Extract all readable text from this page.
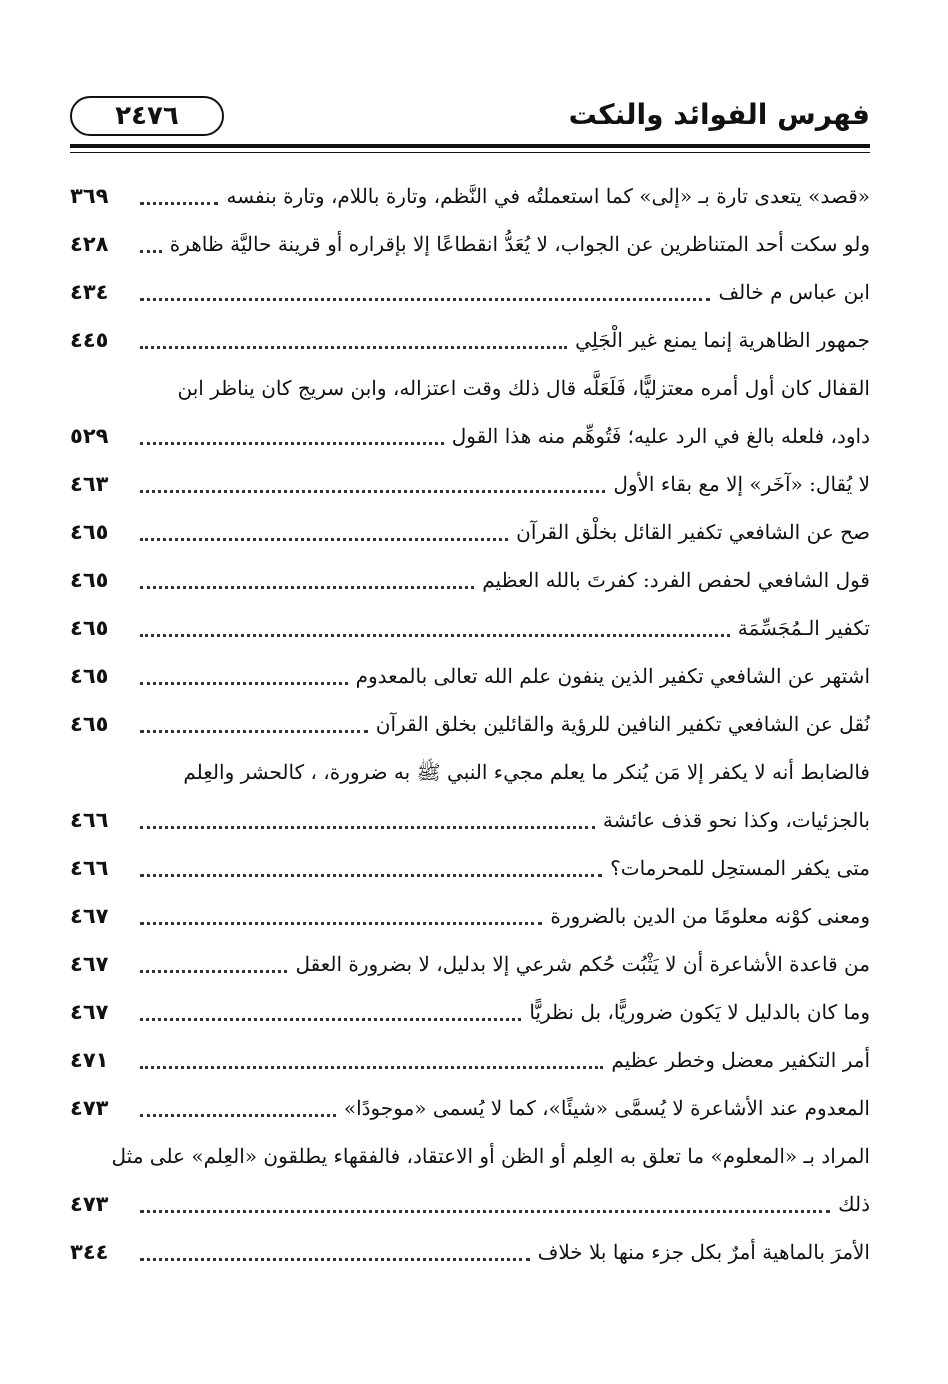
٢٤٧٦	فهرس الفوائد والنكت
«قصد» يتعدى تارة بـ «إلى» كما استعملتُه في النَّظم، وتارة باللام، وتارة بنفسه
٣٦٩
ولو سكت أحد المتناظرين عن الجواب، لا يُعَدُّ انقطاعًا إلا بإقراره أو قرينة حاليَّة ظاهرة
٤٢٨
ابن عباس م خالف
٤٣٤
جمهور الظاهرية إنما يمنع غير الْجَلِي
٤٤٥
القفال كان أول أمره معتزليًّا، فَلَعَلَّه قال ذلك وقت اعتزاله، وابن سريج كان يناظر ابن
داود، فلعله بالغ في الرد عليه؛ فَتُوهِّم منه هذا القول
٥٢٩
لا يُقال: «آخَر» إلا مع بقاء الأول
٤٦٣
صح عن الشافعي تكفير القائل بخلْق القرآن
٤٦٥
قول الشافعي لحفص الفرد: كفرتَ بالله العظيم
٤٦٥
تكفير الـمُجَسِّمَة
٤٦٥
اشتهر عن الشافعي تكفير الذين ينفون علم الله تعالى بالمعدوم
٤٦٥
نُقل عن الشافعي تكفير النافين للرؤية والقائلين بخلق القرآن
٤٦٥
فالضابط أنه لا يكفر إلا مَن يُنكر ما يعلم مجيء النبي ﷺ به ضرورة، ، كالحشر والعِلم
بالجزئيات، وكذا نحو قذف عائشة
٤٦٦
متى يكفر المستحِل للمحرمات؟
٤٦٦
ومعنى كوْنه معلومًا من الدين بالضرورة
٤٦٧
من قاعدة الأشاعرة أن لا يَثْبُت حُكم شرعي إلا بدليل، لا بضرورة العقل
٤٦٧
وما كان بالدليل لا يَكون ضروريًّا، بل نظريًّا
٤٦٧
أمر التكفير معضل وخطر عظيم
٤٧١
المعدوم عند الأشاعرة لا يُسمَّى «شيئًا»، كما لا يُسمى «موجودًا»
٤٧٣
المراد بـ «المعلوم» ما تعلق به العِلم أو الظن أو الاعتقاد، فالفقهاء يطلقون «العِلم» على مثل
ذلك
٤٧٣
الأمرَ بالماهية أمرٌ بكل جزء منها بلا خلاف
٣٤٤
